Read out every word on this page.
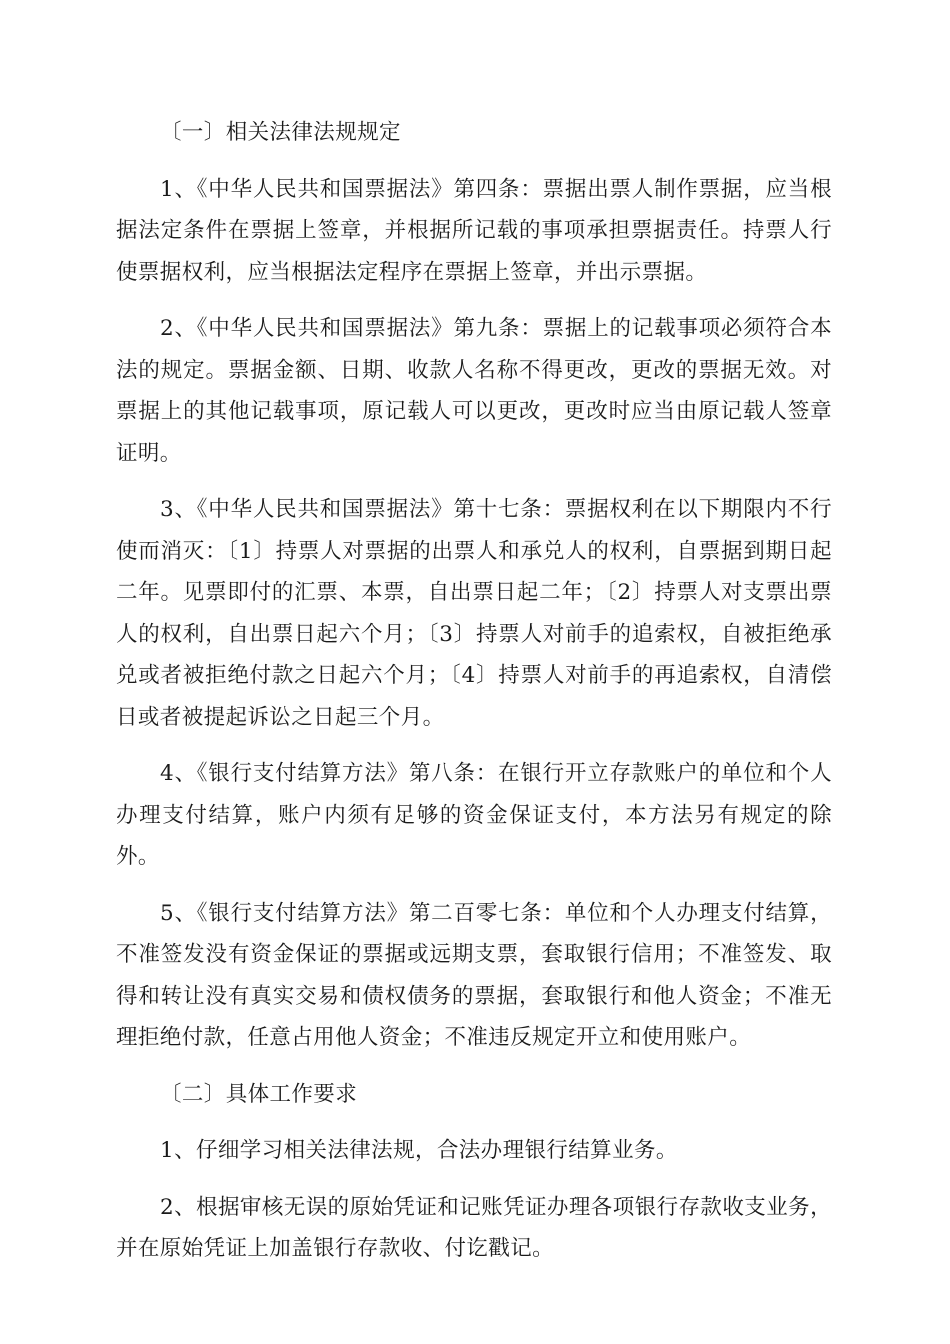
〔一〕相关法律法规规定

1、《中华人民共和国票据法》第四条：票据出票人制作票据，应当根据法定条件在票据上签章，并根据所记载的事项承担票据责任。持票人行使票据权利，应当根据法定程序在票据上签章，并出示票据。

2、《中华人民共和国票据法》第九条：票据上的记载事项必须符合本法的规定。票据金额、日期、收款人名称不得更改，更改的票据无效。对票据上的其他记载事项，原记载人可以更改，更改时应当由原记载人签章证明。

3、《中华人民共和国票据法》第十七条：票据权利在以下期限内不行使而消灭：〔1〕持票人对票据的出票人和承兑人的权利，自票据到期日起二年。见票即付的汇票、本票，自出票日起二年；〔2〕持票人对支票出票人的权利，自出票日起六个月；〔3〕持票人对前手的追索权，自被拒绝承兑或者被拒绝付款之日起六个月；〔4〕持票人对前手的再追索权，自清偿日或者被提起诉讼之日起三个月。

4、《银行支付结算方法》第八条：在银行开立存款账户的单位和个人办理支付结算，账户内须有足够的资金保证支付，本方法另有规定的除外。

5、《银行支付结算方法》第二百零七条：单位和个人办理支付结算，不准签发没有资金保证的票据或远期支票，套取银行信用；不准签发、取得和转让没有真实交易和债权债务的票据，套取银行和他人资金；不准无理拒绝付款，任意占用他人资金；不准违反规定开立和使用账户。

〔二〕具体工作要求

1、仔细学习相关法律法规，合法办理银行结算业务。

2、根据审核无误的原始凭证和记账凭证办理各项银行存款收支业务，并在原始凭证上加盖银行存款收、付讫戳记。
